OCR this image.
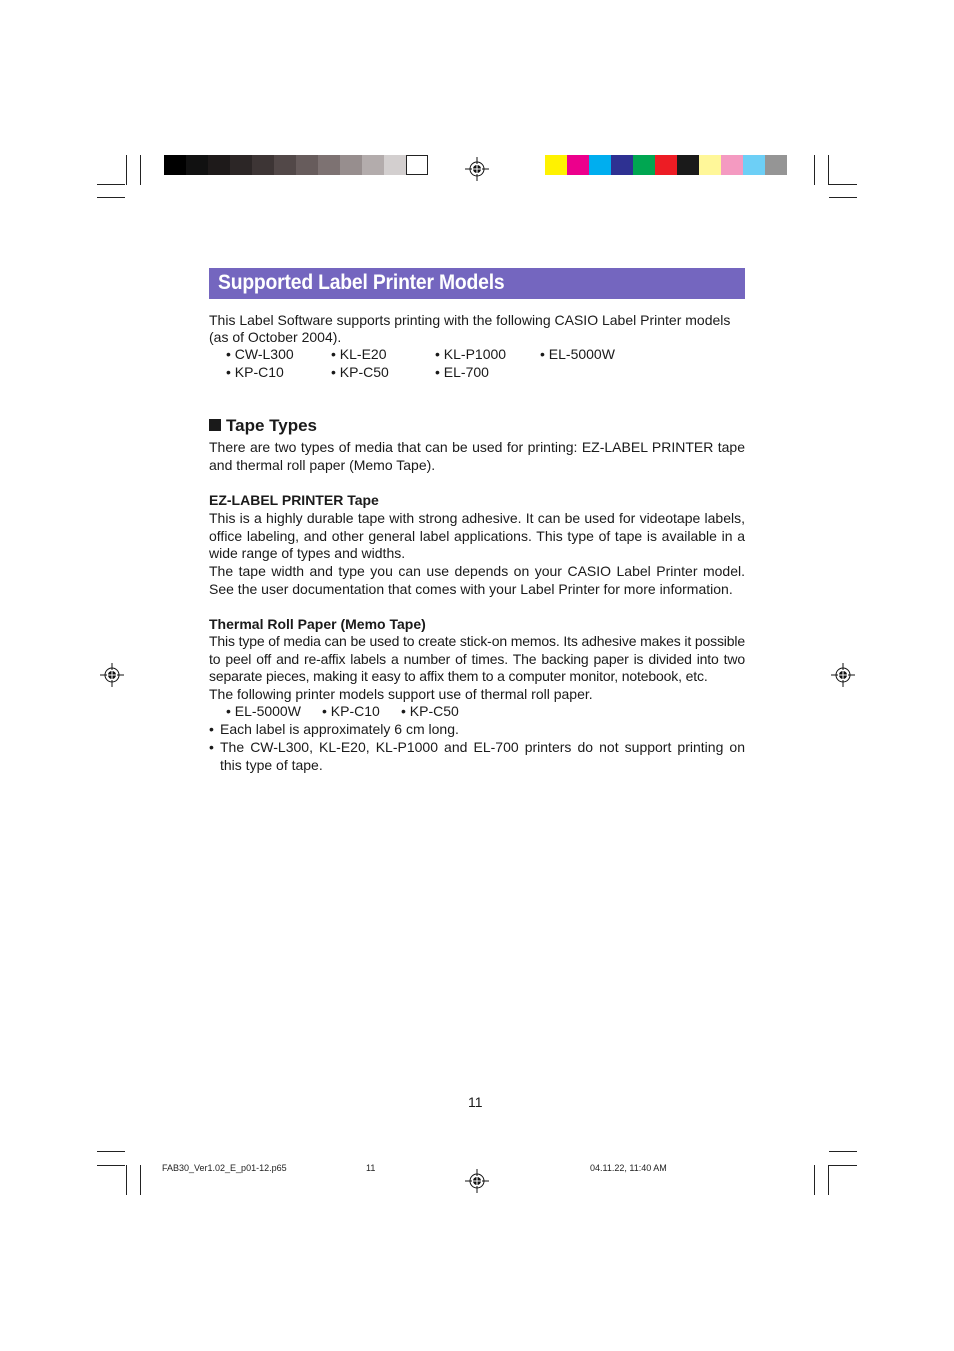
Supported Label Printer Models
This Label Software supports printing with the following CASIO Label Printer models
(as of October 2004).
• CW-L300	• KL-E20	• KL-P1000 • EL-5000W
• KP-C10	• KP-C50	• EL-700
Tape Types
There are two types of media that can be used for printing: EZ-LABEL PRINTER tape and thermal roll paper (Memo Tape).
EZ-LABEL PRINTER Tape
This is a highly durable tape with strong adhesive. It can be used for videotape labels, office labeling, and other general label applications. This type of tape is available in a wide range of types and widths.
The tape width and type you can use depends on your CASIO Label Printer model. See the user documentation that comes with your Label Printer for more information.
Thermal Roll Paper (Memo Tape)
This type of media can be used to create stick-on memos. Its adhesive makes it possible to peel off and re-affix labels a number of times. The backing paper is divided into two separate pieces, making it easy to affix them to a computer monitor, notebook, etc.
The following printer models support use of thermal roll paper.
• EL-5000W • KP-C10 • KP-C50
• Each label is approximately 6 cm long.
• The CW-L300, KL-E20, KL-P1000 and EL-700 printers do not support printing on this type of tape.
11
FAB30_Ver1.02_E_p01-12.p65	11	04.11.22, 11:40 AM
